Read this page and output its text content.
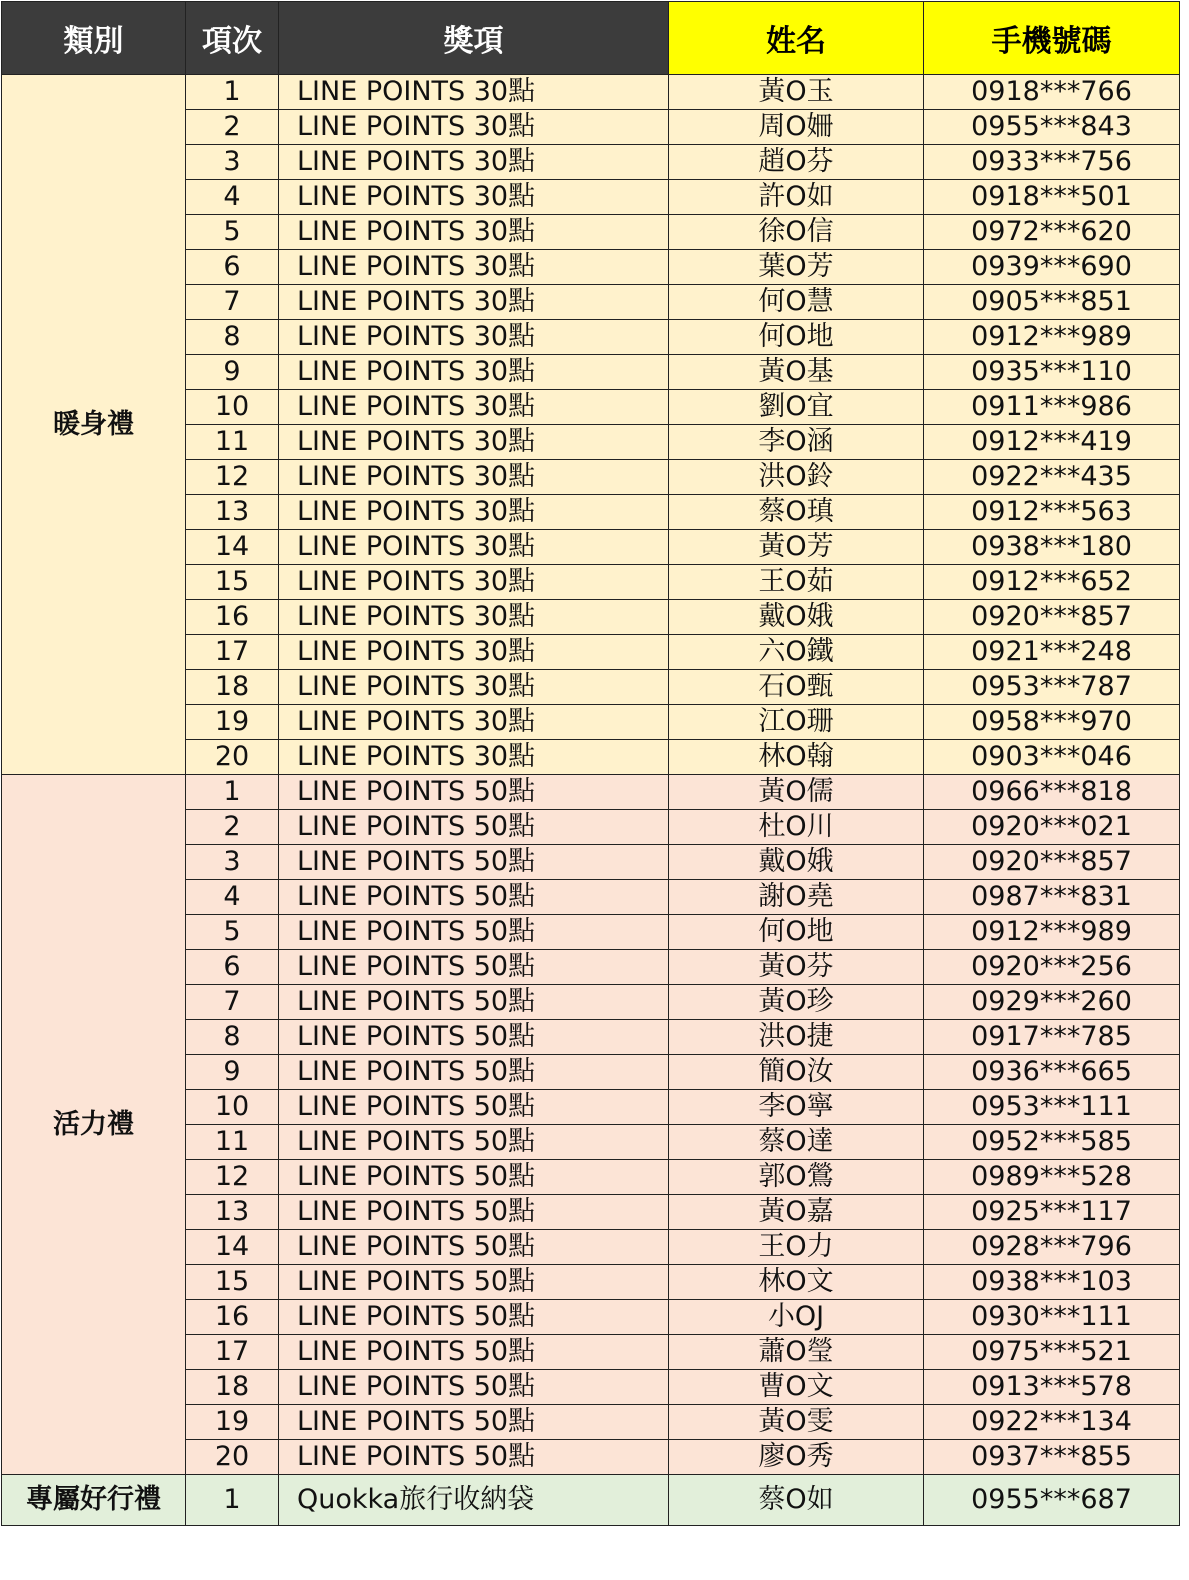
類別	項次	獎項	姓名	手機號碼
暖身禮	1	LINE POINTS 30點	黃O玉	0918***766
	2	LINE POINTS 30點	周O姍	0955***843
	3	LINE POINTS 30點	趙O芬	0933***756
	4	LINE POINTS 30點	許O如	0918***501
	5	LINE POINTS 30點	徐O信	0972***620
	6	LINE POINTS 30點	葉O芳	0939***690
	7	LINE POINTS 30點	何O慧	0905***851
	8	LINE POINTS 30點	何O地	0912***989
	9	LINE POINTS 30點	黃O基	0935***110
	10	LINE POINTS 30點	劉O宜	0911***986
	11	LINE POINTS 30點	李O涵	0912***419
	12	LINE POINTS 30點	洪O鈴	0922***435
	13	LINE POINTS 30點	蔡O瑱	0912***563
	14	LINE POINTS 30點	黃O芳	0938***180
	15	LINE POINTS 30點	王O茹	0912***652
	16	LINE POINTS 30點	戴O娥	0920***857
	17	LINE POINTS 30點	六O鐵	0921***248
	18	LINE POINTS 30點	石O甄	0953***787
	19	LINE POINTS 30點	江O珊	0958***970
	20	LINE POINTS 30點	林O翰	0903***046
活力禮	1	LINE POINTS 50點	黃O儒	0966***818
	2	LINE POINTS 50點	杜O川	0920***021
	3	LINE POINTS 50點	戴O娥	0920***857
	4	LINE POINTS 50點	謝O堯	0987***831
	5	LINE POINTS 50點	何O地	0912***989
	6	LINE POINTS 50點	黃O芬	0920***256
	7	LINE POINTS 50點	黃O珍	0929***260
	8	LINE POINTS 50點	洪O捷	0917***785
	9	LINE POINTS 50點	簡O汝	0936***665
	10	LINE POINTS 50點	李O寧	0953***111
	11	LINE POINTS 50點	蔡O達	0952***585
	12	LINE POINTS 50點	郭O鶯	0989***528
	13	LINE POINTS 50點	黃O嘉	0925***117
	14	LINE POINTS 50點	王O力	0928***796
	15	LINE POINTS 50點	林O文	0938***103
	16	LINE POINTS 50點	小OJ	0930***111
	17	LINE POINTS 50點	蕭O瑩	0975***521
	18	LINE POINTS 50點	曹O文	0913***578
	19	LINE POINTS 50點	黃O雯	0922***134
	20	LINE POINTS 50點	廖O秀	0937***855
專屬好行禮	1	Quokka旅行收納袋	蔡O如	0955***687
